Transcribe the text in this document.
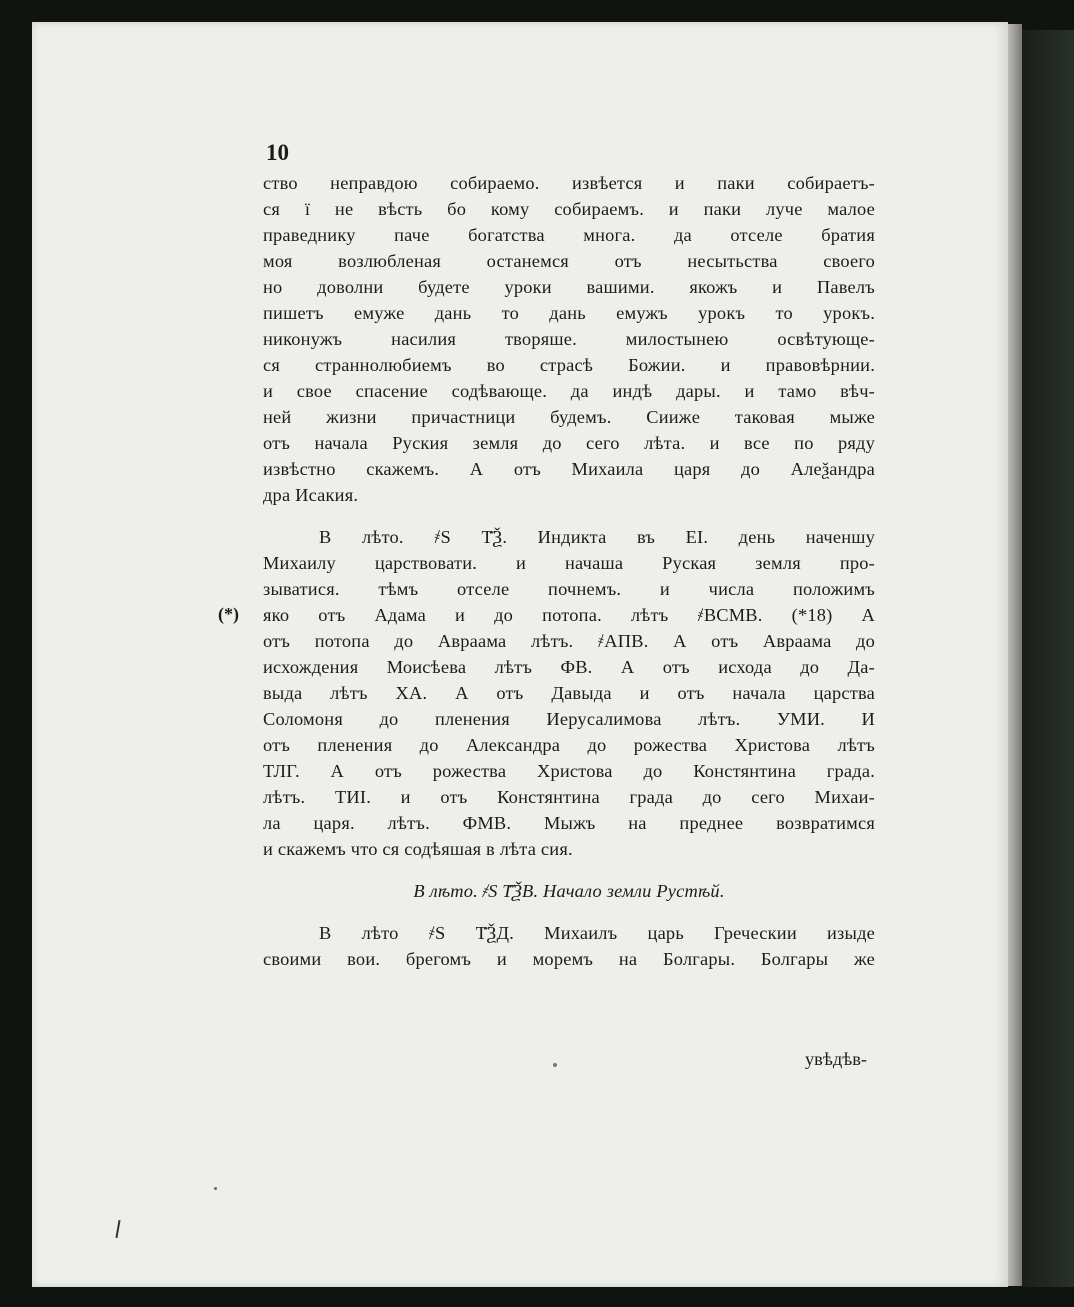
10
(*)
ство неправдою собираемо. извѣется и паки собираетъ-
ся ї не вѣсть бо кому собираемъ. и паки луче малое
праведнику паче богатства многа. да отселе братия
моя возлюбленая останемся отъ несытьства своего
но доволни будете уроки вашими. якожъ и Павелъ
пишетъ емуже дань то дань емужъ урокъ то урокъ.
никонужъ насилия творяше. милостынею освѣтующе-
ся страннолюбиемъ во страсѣ Божии. и правовѣрнии.
и свое спасение содѣвающе. да индѣ дары. и тамо вѣч-
ней жизни причастници будемъ. Сиижe таковая мыже
отъ начала Руския земля до сего лѣта. и все по ряду
извѣстно скажемъ. А отъ Михаила царя до Алеѯандра
дра Исакия.
В лѣто. ҂S Т҃Ѯ. Индикта въ ЕІ. день наченшу
Михаилу царствовати. и начаша Руская земля про-
зыватися. тѣмъ отселе почнемъ. и числа положимъ
яко отъ Адама и до потопа. лѣтъ ҂ВСМВ. (*18) А
отъ потопа до Авраама лѣтъ. ҂АПВ. А отъ Авраама до
исхождения Моисѣева лѣтъ ФВ. А отъ исхода до Да-
выда лѣтъ ХА. А отъ Давыда и отъ начала царства
Соломоня до пленения Иерусалимова лѣтъ. УМИ. И
отъ пленения до Александра до рожества Христова лѣтъ
ТЛГ. А отъ рожества Христова до Констянтина града.
лѣтъ. ТИІ. и отъ Констянтина града до сего Михаи-
ла царя. лѣтъ. ФМВ. Мыжъ на преднее возвратимся
и скажемъ что ся содѣяшая в лѣта сия.
В лѣто. ҂S Т҃ѮВ. Начало земли Рустѣй.
В лѣто ҂S Т҃ѮД. Михаилъ царь Греческии изыде
своими вои. брегомъ и моремъ на Болгары. Болгары же
увѣдѣв-
